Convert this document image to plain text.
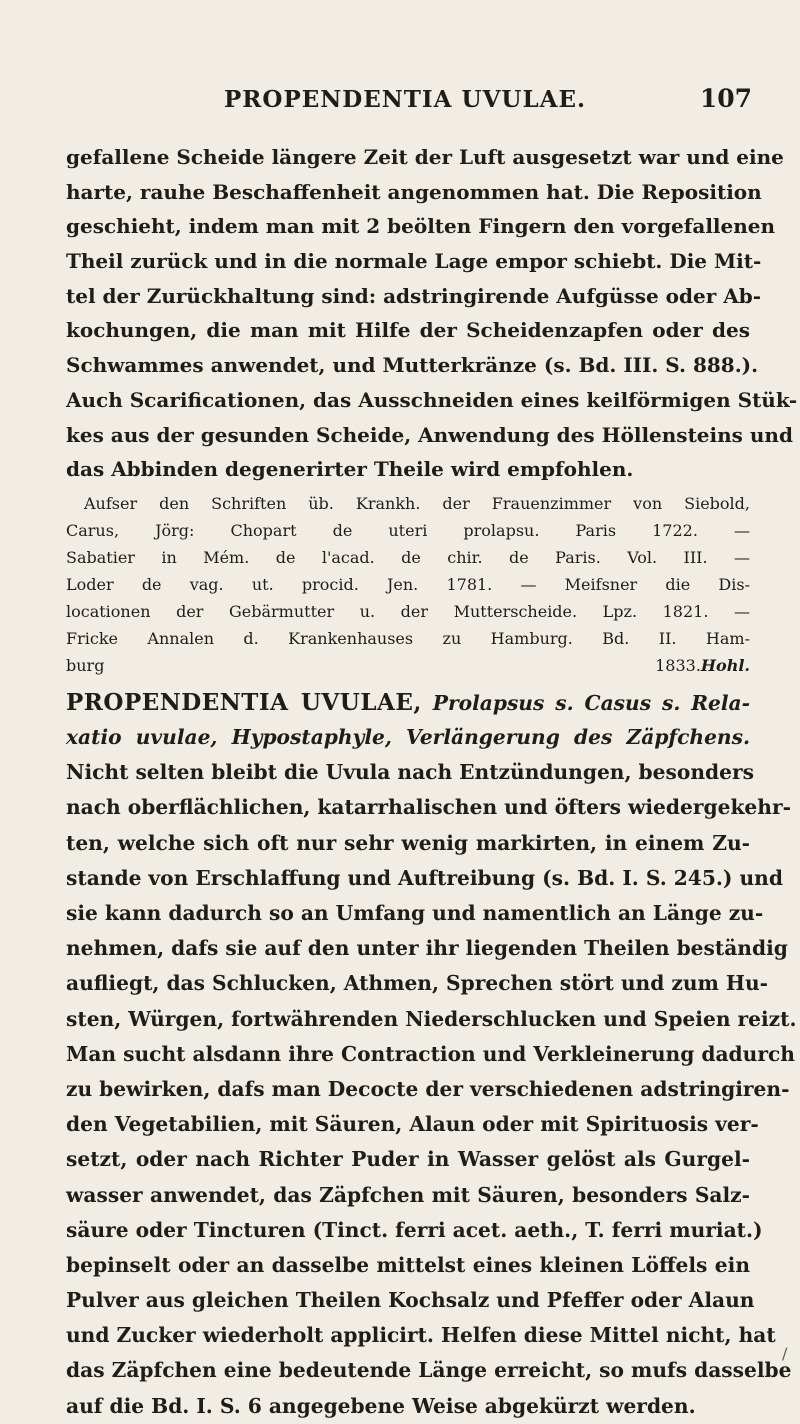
PROPENDENTIA UVULAE.	107
gefallene Scheide längere Zeit der Luft ausgesetzt war und eine
harte, rauhe Beschaffenheit angenommen hat. Die Reposition
geschieht, indem man mit 2 beölten Fingern den vorgefallenen
Theil zurück und in die normale Lage empor schiebt. Die Mit-
tel der Zurückhaltung sind: adstringirende Aufgüsse oder Ab-
kochungen, die man mit Hilfe der Scheidenzapfen oder des
Schwammes anwendet, und Mutterkränze (s. Bd. III. S. 888.).
Auch Scarificationen, das Ausschneiden eines keilförmigen Stük-
kes aus der gesunden Scheide, Anwendung des Höllensteins und
das Abbinden degenerirter Theile wird empfohlen.
Aufser den Schriften üb. Krankh. der Frauenzimmer von Siebold,
Carus, Jörg: Chopart de uteri prolapsu. Paris 1722. —
Sabatier in Mém. de l'acad. de chir. de Paris. Vol. III. —
Loder de vag. ut. procid. Jen. 1781. — Meifsner die Dis-
locationen der Gebärmutter u. der Mutterscheide. Lpz. 1821. —
Fricke Annalen d. Krankenhauses zu Hamburg. Bd. II. Ham-
burg 1833. Hohl.
PROPENDENTIA UVULAE, Prolapsus s. Casus s. Rela-
xatio uvulae, Hypostaphyle, Verlängerung des Zäpfchens.
Nicht selten bleibt die Uvula nach Entzündungen, besonders
nach oberflächlichen, katarrhalischen und öfters wiedergekehr-
ten, welche sich oft nur sehr wenig markirten, in einem Zu-
stande von Erschlaffung und Auftreibung (s. Bd. I. S. 245.) und
sie kann dadurch so an Umfang und namentlich an Länge zu-
nehmen, dafs sie auf den unter ihr liegenden Theilen beständig
aufliegt, das Schlucken, Athmen, Sprechen stört und zum Hu-
sten, Würgen, fortwährenden Niederschlucken und Speien reizt.
Man sucht alsdann ihre Contraction und Verkleinerung dadurch
zu bewirken, dafs man Decocte der verschiedenen adstringiren-
den Vegetabilien, mit Säuren, Alaun oder mit Spirituosis ver-
setzt, oder nach Richter Puder in Wasser gelöst als Gurgel-
wasser anwendet, das Zäpfchen mit Säuren, besonders Salz-
säure oder Tincturen (Tinct. ferri acet. aeth., T. ferri muriat.)
bepinselt oder an dasselbe mittelst eines kleinen Löffels ein
Pulver aus gleichen Theilen Kochsalz und Pfeffer oder Alaun
und Zucker wiederholt applicirt. Helfen diese Mittel nicht, hat
das Zäpfchen eine bedeutende Länge erreicht, so mufs dasselbe
auf die Bd. I. S. 6 angegebene Weise abgekürzt werden.
/
